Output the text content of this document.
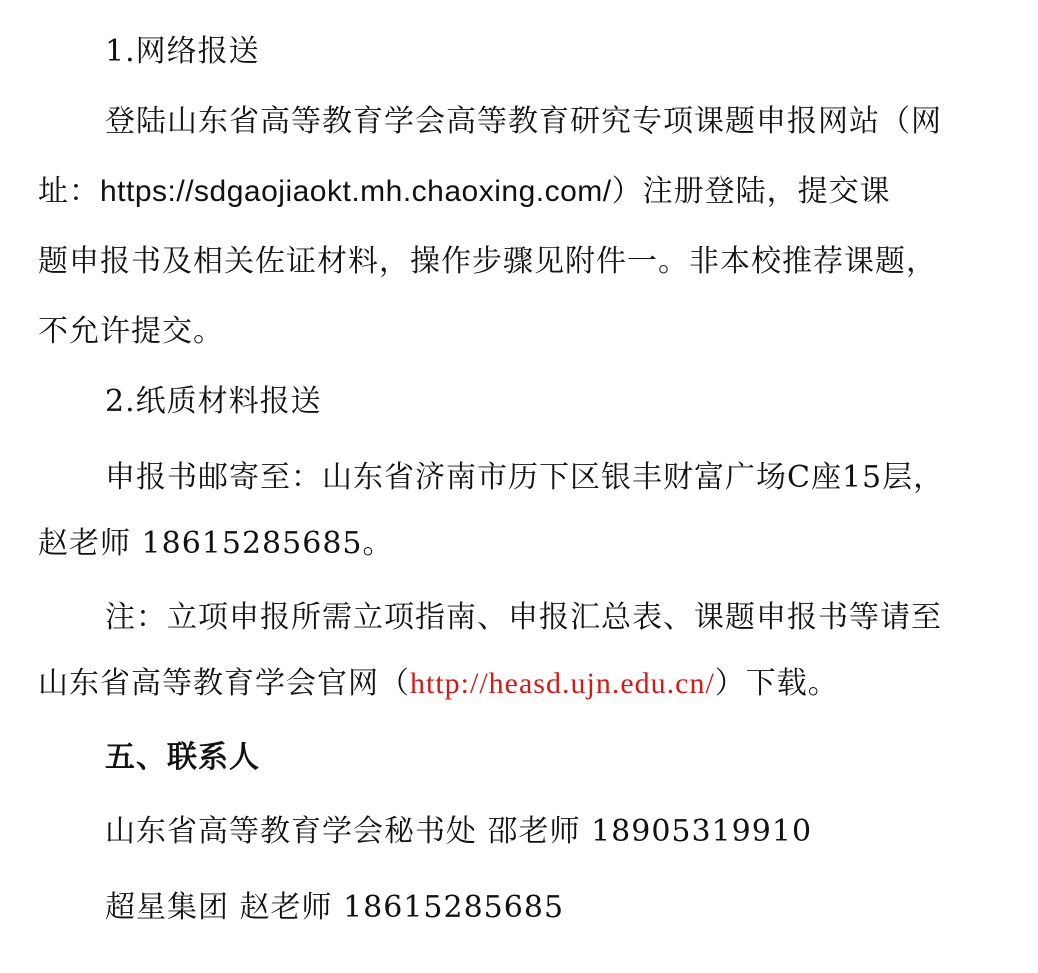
1.网络报送
登陆山东省高等教育学会高等教育研究专项课题申报网站（网
址：https://sdgaojiaokt.mh.chaoxing.com/）注册登陆，提交课
题申报书及相关佐证材料，操作步骤见附件一。非本校推荐课题，
不允许提交。
2.纸质材料报送
申报书邮寄至：山东省济南市历下区银丰财富广场C座15层，
赵老师 18615285685。
注：立项申报所需立项指南、申报汇总表、课题申报书等请至
山东省高等教育学会官网（http://heasd.ujn.edu.cn/）下载。
五、联系人
山东省高等教育学会秘书处 邵老师 18905319910
超星集团 赵老师 18615285685
